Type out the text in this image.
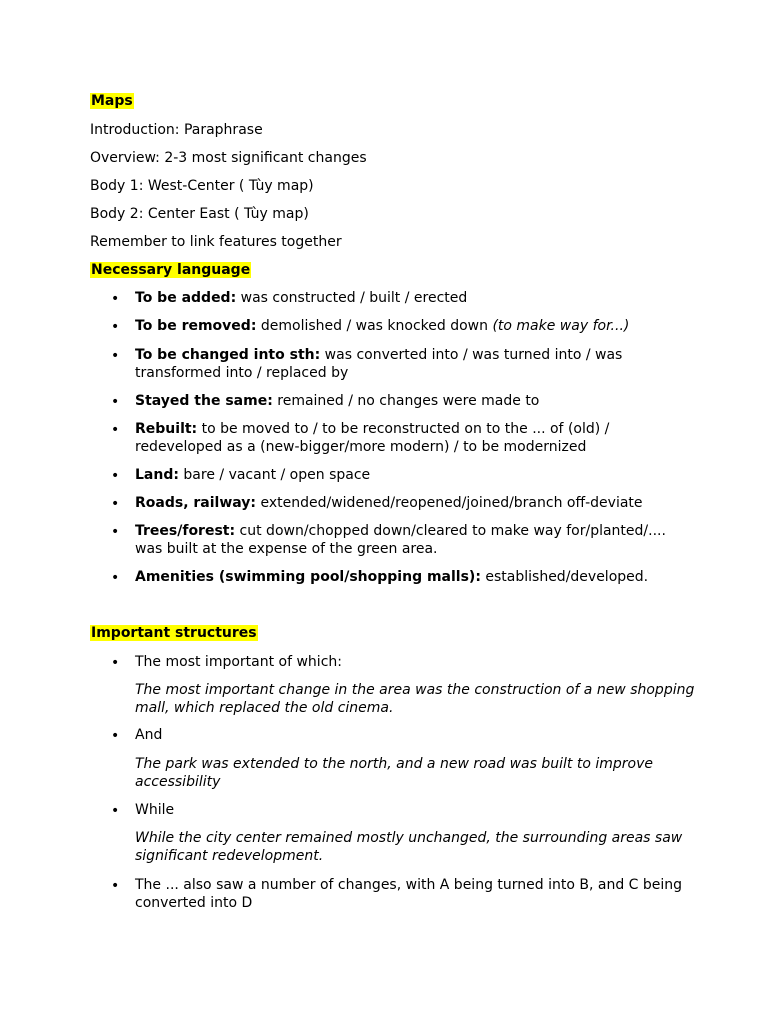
Maps
Introduction: Paraphrase
Overview: 2-3 most significant changes
Body 1: West-Center ( Tùy map)
Body 2: Center East ( Tùy map)
Remember to link features together
Necessary language
• To be added: was constructed / built / erected
• To be removed: demolished / was knocked down (to make way for...)
• To be changed into sth: was converted into / was turned into / was transformed into / replaced by
• Stayed the same: remained / no changes were made to
• Rebuilt: to be moved to / to be reconstructed on to the ... of (old) / redeveloped as a (new-bigger/more modern) / to be modernized
• Land: bare / vacant / open space
• Roads, railway: extended/widened/reopened/joined/branch off-deviate
• Trees/forest: cut down/chopped down/cleared to make way for/planted/.... was built at the expense of the green area.
• Amenities (swimming pool/shopping malls): established/developed.
Important structures
• The most important of which:
The most important change in the area was the construction of a new shopping mall, which replaced the old cinema.
• And
The park was extended to the north, and a new road was built to improve accessibility
• While
While the city center remained mostly unchanged, the surrounding areas saw significant redevelopment.
• The ... also saw a number of changes, with A being turned into B, and C being converted into D
